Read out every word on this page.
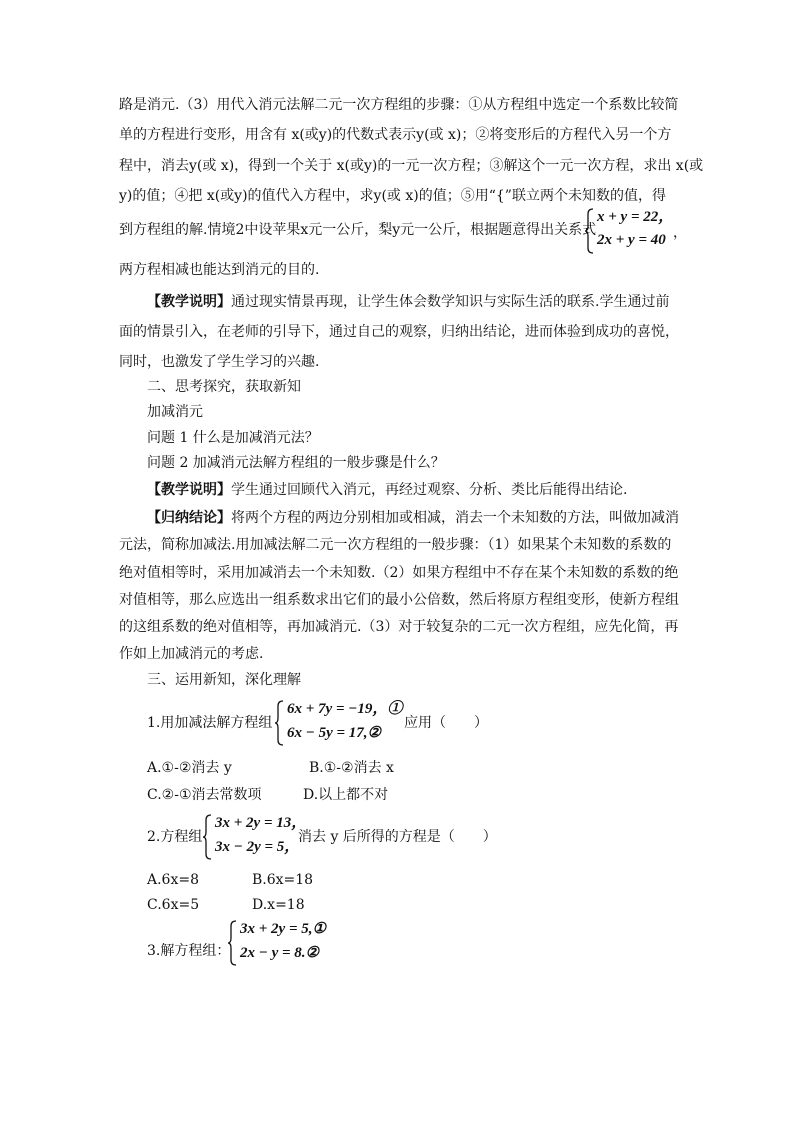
路是消元.（3）用代入消元法解二元一次方程组的步骤：①从方程组中选定一个系数比较简
单的方程进行变形，用含有 x(或y)的代数式表示y(或 x)；②将变形后的方程代入另一个方
程中，消去y(或 x)，得到一个关于 x(或y)的一元一次方程；③解这个一元一次方程，求出 x(或
y)的值；④把 x(或y)的值代入方程中，求y(或 x)的值；⑤用“{”联立两个未知数的值，得
到方程组的解.情境2中设苹果x元一公斤，梨y元一公斤，根据题意得出关系式
x + y = 22，
2x + y = 40 ，
两方程相减也能达到消元的目的.
【教学说明】通过现实情景再现，让学生体会数学知识与实际生活的联系.学生通过前
面的情景引入，在老师的引导下，通过自己的观察，归纳出结论，进而体验到成功的喜悦，
同时，也激发了学生学习的兴趣.
二、思考探究，获取新知
加减消元
问题 1 什么是加减消元法？
问题 2 加减消元法解方程组的一般步骤是什么？
【教学说明】学生通过回顾代入消元，再经过观察、分析、类比后能得出结论.
【归纳结论】将两个方程的两边分别相加或相减，消去一个未知数的方法，叫做加减消
元法，简称加减法.用加减法解二元一次方程组的一般步骤：（1）如果某个未知数的系数的
绝对值相等时，采用加减消去一个未知数.（2）如果方程组中不存在某个未知数的系数的绝
对值相等，那么应选出一组系数求出它们的最小公倍数，然后将原方程组变形，使新方程组
的这组系数的绝对值相等，再加减消元.（3）对于较复杂的二元一次方程组，应先化简，再
作如上加减消元的考虑.
三、运用新知，深化理解
1.用加减法解方程组
6x + 7y = −19，①
6x − 5y = 17,②
应用（　　）
A.①-②消去 y	B.①-②消去 x
C.②-①消去常数项	D.以上都不对
2.方程组
3x + 2y = 13，
3x − 2y = 5，
消去 y 后所得的方程是（　　）
A.6x=8	B.6x=18
C.6x=5	D.x=18
3.解方程组：
3x + 2y = 5,①
2x − y = 8.②
